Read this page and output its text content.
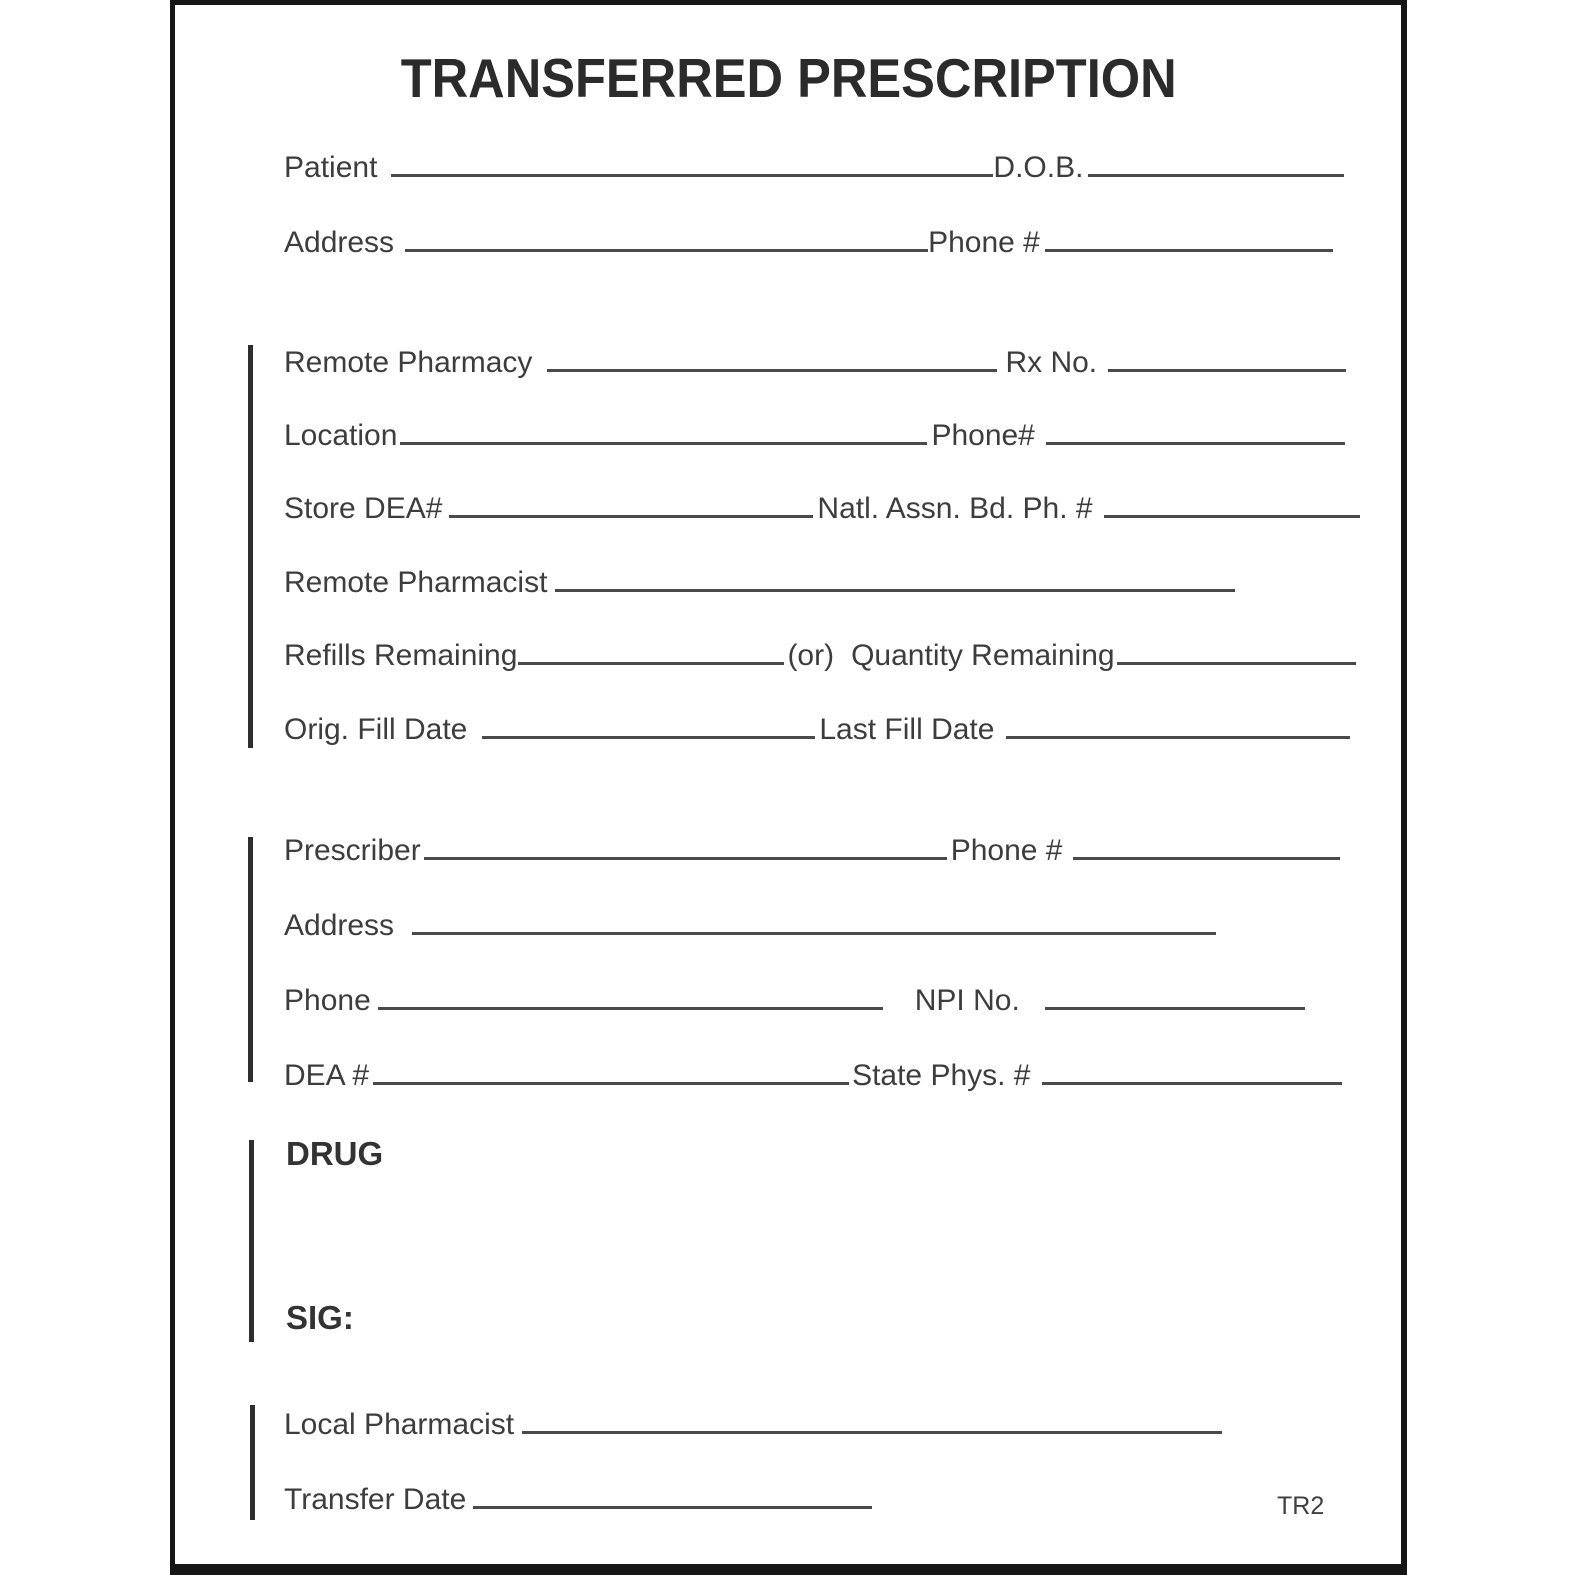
TRANSFERRED PRESCRIPTION
Patient	D.O.B.
Address	Phone #
Remote Pharmacy	Rx No.
Location	Phone#
Store DEA#	Natl. Assn. Bd. Ph. #
Remote Pharmacist
Refills Remaining	(or) Quantity Remaining
Orig. Fill Date	Last Fill Date
Prescriber	Phone #
Address
Phone	NPI No.
DEA #	State Phys. #
DRUG
SIG:
Local Pharmacist
Transfer Date	TR2
